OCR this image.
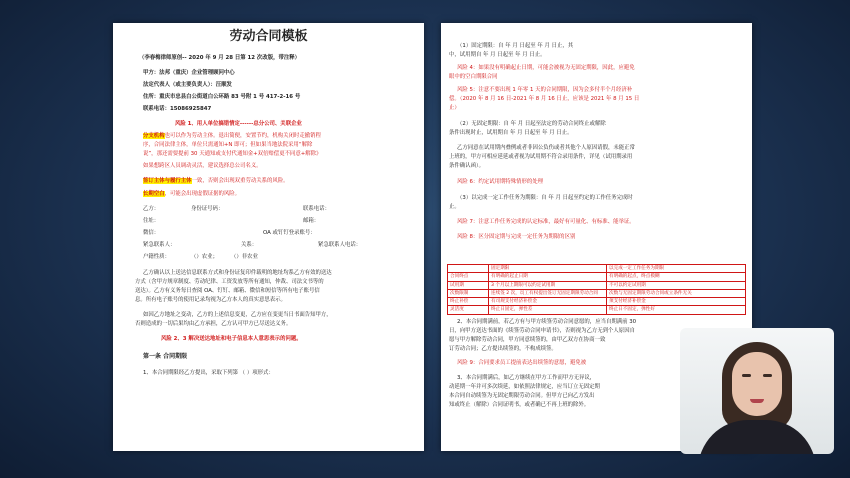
劳动合同模板
（李春梅律师原创-- 2020 年 9 月 28 日第 12 次改版，带注释）
甲方：法邦（重庆）企业管理顾问中心
法定代表人（或主要负责人）：汪顺发
住所：重庆市忠县白公街道白公环路 83 号附 1 号 417-2-16 号
联系电话：15086925847
风险 1、用人单位搞错情定------总分公司、关联企业
分支机构也可以作为劳动主体。退出简便，安置节约，机构关闭时走撤销程
序，合同法律主体，单位只需通知+N 即可；但如果当地法院采用“解除
说”，那还需要提前 30 天通知或支付代通知金+双倍赔偿更不同意+解除》
如果想跨区人员调动灵活，建议选择总公司名义。
签订主体与履行主体一致，否则会出现双重劳动关系的风险。
长期空白，可能会出现虚假证据的风险。
乙方：	身份证号码：	联系电话：
住址：	邮箱：
微信：	OA 或钉钉登录账号：
紧急联系人：	关系：	紧急联系人电话：
户籍性质：	（）农业； （）非农业
乙方确认以上送达信息联系方式和身份证复印件载明的地址均系乙方有效的送达
方式（含甲方规章制度、劳动纪律、工资发放等所有通知，仲裁、司法文书等的
送达）。乙方有义务每日查阅 OA、钉钉、邮箱、微信和短信等所有电子账号信
息。所有电子账号的使用记录均视为乙方本人的真实意思表示。
如因乙方地址之变动，乙方的上述信息变更，乙方应在变更当日书面告知甲方，
否则造成的一切后果均由乙方承担，乙方认可甲方已尽送达义务。
风险 2、3 解决送达地址和电子信息本人意思表示的问题。
第一条 合同期限
1、本合同期限经乙方提出，采取下列第 （ ）项形式：
（1）固定期限：自 年 月 日起至 年 月 日止，其
中，试用期自 年 月 日起至 年 月 日止。
风险 4：如果没有明确起止日期，可能会被视为无固定期限，因此，应避免
眼中的空白期限合同
风险 5：注意不要出现 1 年零 1 天的合同期限，因为会多付半个月经济补
偿。（2020 年 8 月 16 日-2021 年 8 月 16 日止，应该是 2021 年 8 月 15 日
止）
（2）无固定期限：自 年 月 日起至法定的劳动合同终止或解除
条件出现时止，试用期自 年 月 日起至 年 月 日止。
乙方同意在试用期内叠例或者非因公负伤或者其他个人原因请假，未能正常
上班的，甲方可相应延延或者视为试用期不符合录用条件，详见（试用期录用
条件确认函）。
风险 6：约定试用期特殊情形的处理
（3）以完成一定工作任务为期限：自 年 月 日起至约定的工作任务完成时
止。
风险 7：注意工作任务完成的认定标准，最好有可量化、有标准、能举证。
风险 8：区分固定期与完成一定任务为期限的区别
	固定期限	以完成一定工作任务为期限
合同终点	有明确的起止日期	有明确的起点，终点模糊
试用期	3 个月以上期限可以约定试用期	不可以约定试用期
次数限制	连续签 2 次，员工有权提出签订无固定期限劳动合同	次数与无固定期限劳动合同或立条件无关
终止补偿	有司规支付经济补偿金	须支付经济补偿金
灵活度	终止日固定，弹性差	终止日不固定，弹性好
2、本合同期满前，若乙方有与甲方续签劳动合同意愿的，应当自期满前 30
日，向甲方送达书面的《续签劳动合同申请书》，否则视为乙方无到个人原因自
愿与甲方解除劳动合同，甲方同意续签的，由甲乙双方在协商一致
订劳动合同；乙方提出续签的，不构成续签。
风险 9：合同要求员工提前表达出续签的意愿，避免被
3、本合同期满后，如乙方继续在甲方工作而甲方无异议，
动延期一年并可多次续延，如依照法律规定，应当订立无固定期
本合同自动续签为无固定期限劳动合同。但甲方已向乙方发出
知或终止（解除）合同证明书，或者确已不再上班的除外。
